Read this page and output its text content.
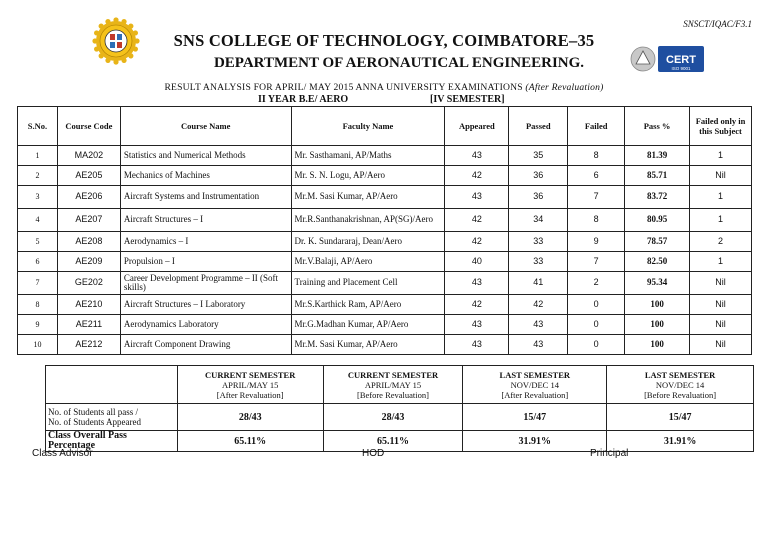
SNSCT/IQAC/F3.1
SNS COLLEGE OF TECHNOLOGY, COIMBATORE–35
DEPARTMENT OF AERONAUTICAL ENGINEERING.	CERT
ISO 9001
RESULT ANALYSIS FOR APRIL/ MAY 2015 ANNA UNIVERSITY EXAMINATIONS (After Revaluation)
II YEAR B.E/ AERO	[IV SEMESTER]
S.No.	Course Code	Course Name	Faculty Name	Appeared	Passed	Failed	Pass %	Failed only in this Subject
1	MA202	Statistics and Numerical Methods	Mr. Sasthamani, AP/Maths	43	35	8	81.39	1
2	AE205	Mechanics of Machines	Mr. S. N. Logu, AP/Aero	42	36	6	85.71	Nil
3	AE206	Aircraft Systems and Instrumentation	Mr.M. Sasi Kumar, AP/Aero	43	36	7	83.72	1
4	AE207	Aircraft Structures – I	Mr.R.Santhanakrishnan, AP(SG)/Aero	42	34	8	80.95	1
5	AE208	Aerodynamics – I	Dr. K. Sundararaj, Dean/Aero	42	33	9	78.57	2
6	AE209	Propulsion – I	Mr.V.Balaji, AP/Aero	40	33	7	82.50	1
7	GE202	Career Development Programme – II (Soft skills)	Training and Placement Cell	43	41	2	95.34	Nil
8	AE210	Aircraft Structures – I Laboratory	Mr.S.Karthick Ram, AP/Aero	42	42	0	100	Nil
9	AE211	Aerodynamics Laboratory	Mr.G.Madhan Kumar, AP/Aero	43	43	0	100	Nil
10	AE212	Aircraft Component Drawing	Mr.M. Sasi Kumar, AP/Aero	43	43	0	100	Nil
	CURRENT SEMESTER
APRIL/MAY 15
[After Revaluation]	CURRENT SEMESTER
APRIL/MAY 15
[Before Revaluation]	LAST SEMESTER
NOV/DEC 14
[After Revaluation]	LAST SEMESTER
NOV/DEC 14
[Before Revaluation]
No. of Students all pass /
No. of Students Appeared	28/43	28/43	15/47	15/47
Class Overall Pass Percentage	65.11%	65.11%	31.91%	31.91%
Class Advisor	HOD	Principal
